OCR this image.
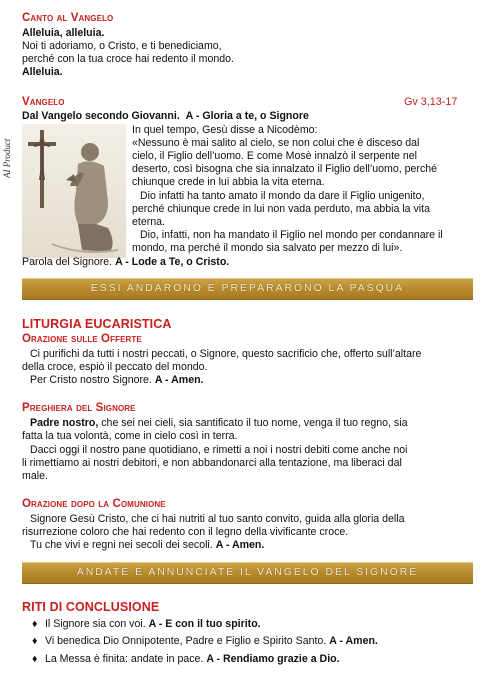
Canto al Vangelo
Alleluia, alleluia.
Noi ti adoriamo, o Cristo, e ti benediciamo,
perché con la tua croce hai redento il mondo.
Alleluia.
Vangelo	Gv 3,13-17
Dal Vangelo secondo Giovanni. A - Gloria a te, o Signore
AI Product
In quel tempo, Gesù disse a Nicodèmo:
«Nessuno è mai salito al cielo, se non colui che è disceso dal
cielo, il Figlio dell’uomo. E come Mosè innalzò il serpente nel
deserto, così bisogna che sia innalzato il Figlio dell’uomo, perché
chiunque crede in lui abbia la vita eterna.
Dio infatti ha tanto amato il mondo da dare il Figlio unigenito,
perché chiunque crede in lui non vada perduto, ma abbia la vita
eterna.
Dio, infatti, non ha mandato il Figlio nel mondo per condannare il
mondo, ma perché il mondo sia salvato per mezzo di lui».
Parola del Signore. A - Lode a Te, o Cristo.
ESSI ANDARONO E PREPARARONO LA PASQUA
LITURGIA EUCARISTICA
Orazione sulle Offerte
Ci purifichi da tutti i nostri peccati, o Signore, questo sacrificio che, offerto sull’altare
della croce, espiò il peccato del mondo.
Per Cristo nostro Signore. A - Amen.
Preghiera del Signore
Padre nostro, che sei nei cieli, sia santificato il tuo nome, venga il tuo regno, sia
fatta la tua volontà, come in cielo così in terra.
Dacci oggi il nostro pane quotidiano, e rimetti a noi i nostri debiti come anche noi
li rimettiamo ai nostri debitori, e non abbandonarci alla tentazione, ma liberaci dal
male.
Orazione dopo la Comunione
Signore Gesù Cristo, che ci hai nutriti al tuo santo convito, guida alla gloria della
risurrezione coloro che hai redento con il legno della vivificante croce.
Tu che vivi e regni nei secoli dei secoli. A - Amen.
ANDATE E ANNUNCIATE IL VANGELO DEL SIGNORE
RITI DI CONCLUSIONE
♦ Il Signore sia con voi. A - E con il tuo spirito.
♦ Vi benedica Dio Onnipotente, Padre e Figlio e Spirito Santo. A - Amen.
♦ La Messa è finita: andate in pace. A - Rendiamo grazie a Dio.
